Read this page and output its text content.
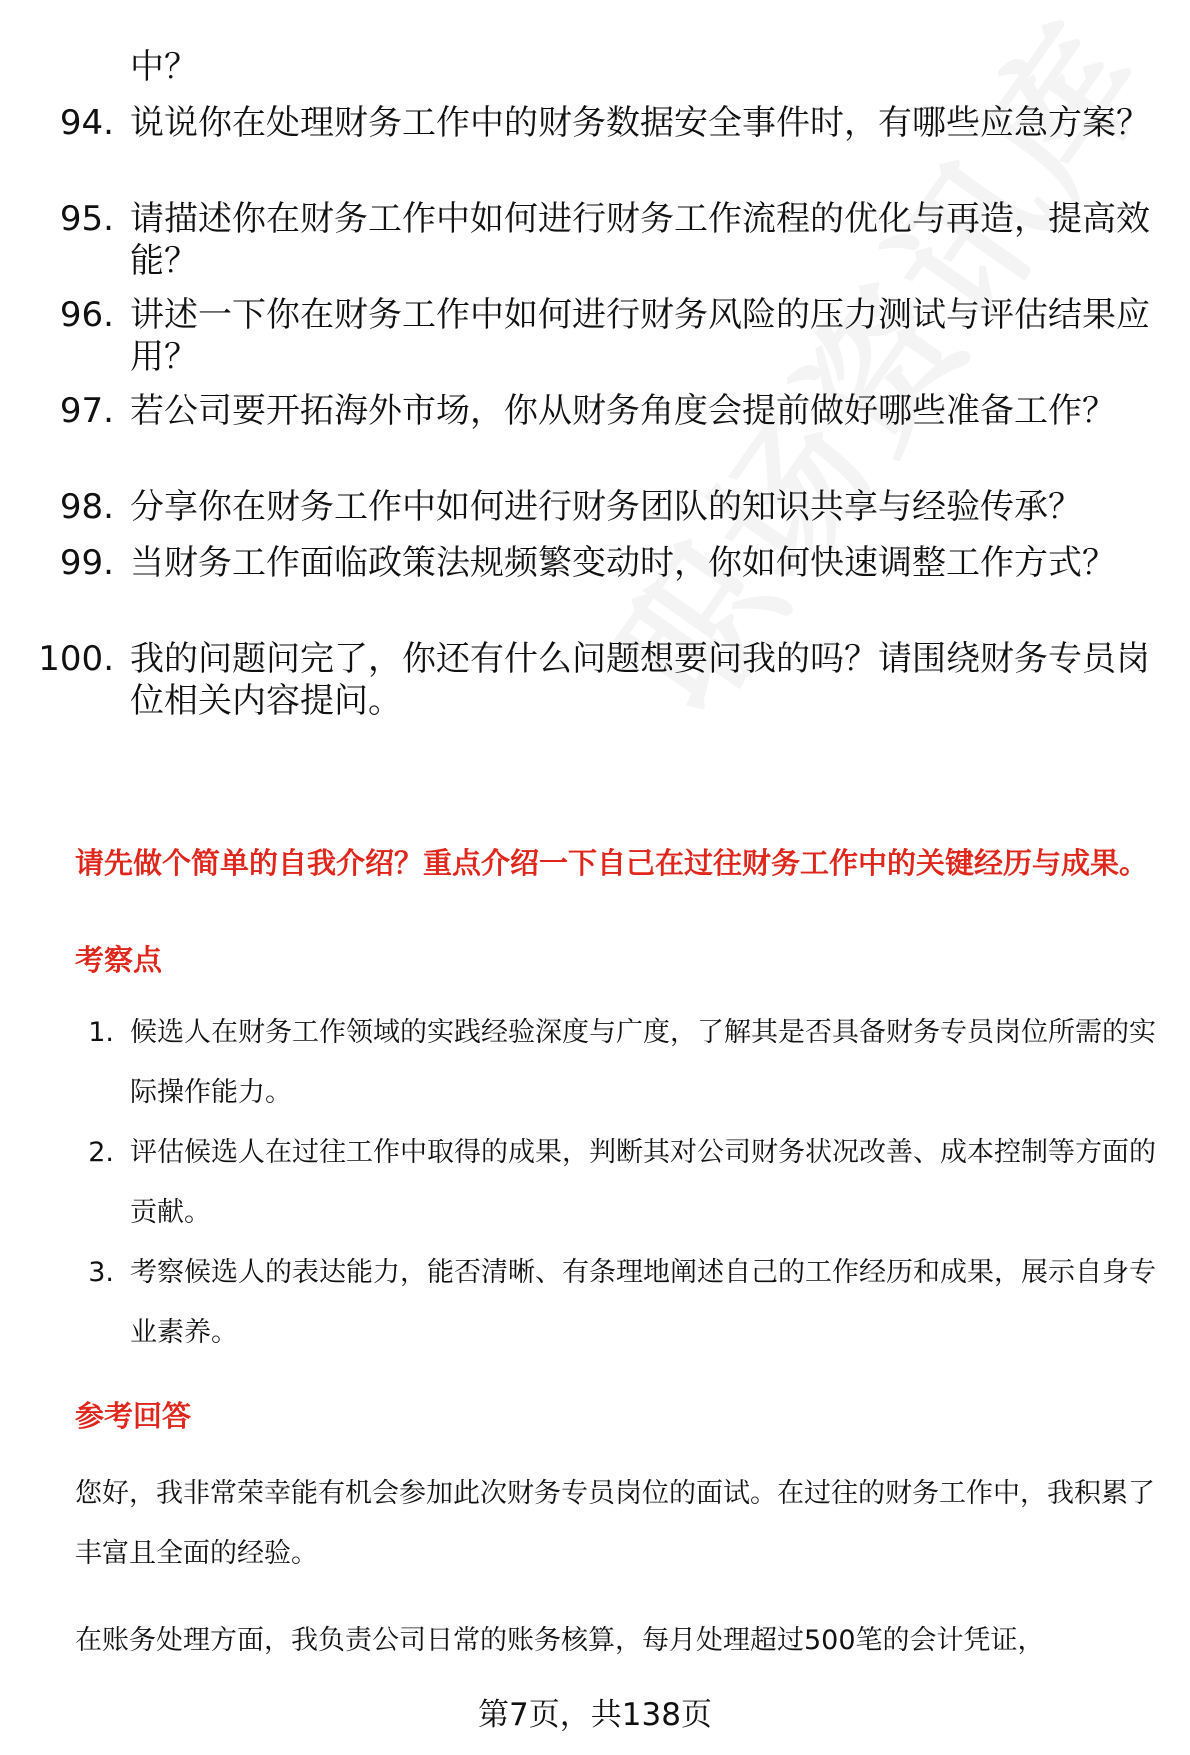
中？
94. 说说你在处理财务工作中的财务数据安全事件时，有哪些应急方案？
95. 请描述你在财务工作中如何进行财务工作流程的优化与再造，提高效能？
96. 讲述一下你在财务工作中如何进行财务风险的压力测试与评估结果应用？
97. 若公司要开拓海外市场，你从财务角度会提前做好哪些准备工作？
98. 分享你在财务工作中如何进行财务团队的知识共享与经验传承？
99. 当财务工作面临政策法规频繁变动时，你如何快速调整工作方式？
100. 我的问题问完了，你还有什么问题想要问我的吗？请围绕财务专员岗位相关内容提问。
请先做个简单的自我介绍？重点介绍一下自己在过往财务工作中的关键经历与成果。
考察点
1. 候选人在财务工作领域的实践经验深度与广度，了解其是否具备财务专员岗位所需的实际操作能力。
2. 评估候选人在过往工作中取得的成果，判断其对公司财务状况改善、成本控制等方面的贡献。
3. 考察候选人的表达能力，能否清晰、有条理地阐述自己的工作经历和成果，展示自身专业素养。
参考回答
您好，我非常荣幸能有机会参加此次财务专员岗位的面试。在过往的财务工作中，我积累了丰富且全面的经验。
在账务处理方面，我负责公司日常的账务核算，每月处理超过500笔的会计凭证，
第7页，共138页
